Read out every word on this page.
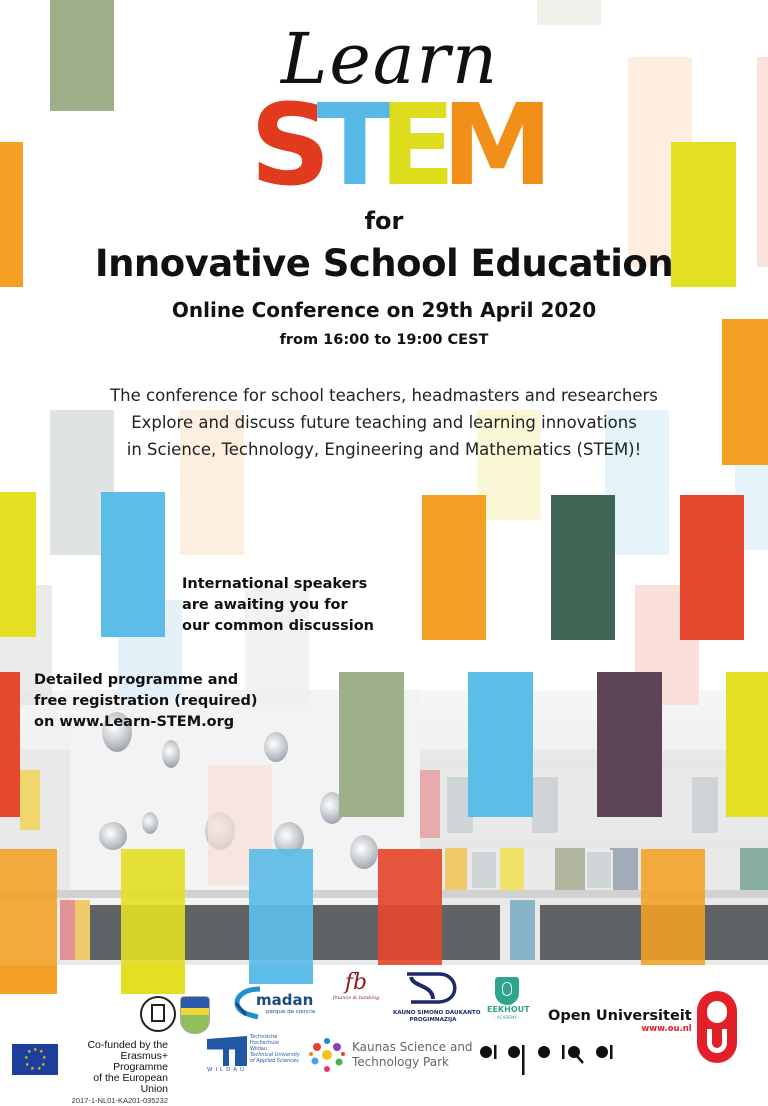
Learn
STEM
for
Innovative School Education
Online Conference on 29th April 2020
from 16:00 to 19:00 CEST
The conference for school teachers, headmasters and researchers
Explore and discuss future teaching and learning innovations
in Science, Technology, Engineering and Mathematics (STEM)!
International speakers
are awaiting you for
our common discussion
Detailed programme and
free registration (required)
on www.Learn-STEM.org
★ ★
★
★
★
★
★
★
★
Co-funded by the
Erasmus+ Programme
of the European Union
2017-1-NL01-KA201-035232
madan
parque de ciencia
fb
finance & banking
KAUNO SIMONO DAUKANTO
PROGIMNAZIJA
EEKHOUT
- ACADEMY -	Open Universiteit
www.ou.nl
WILDAU
Technische
Hochschule
Wildau
Technical University
of Applied Sciences
Kaunas Science and
Technology Park
